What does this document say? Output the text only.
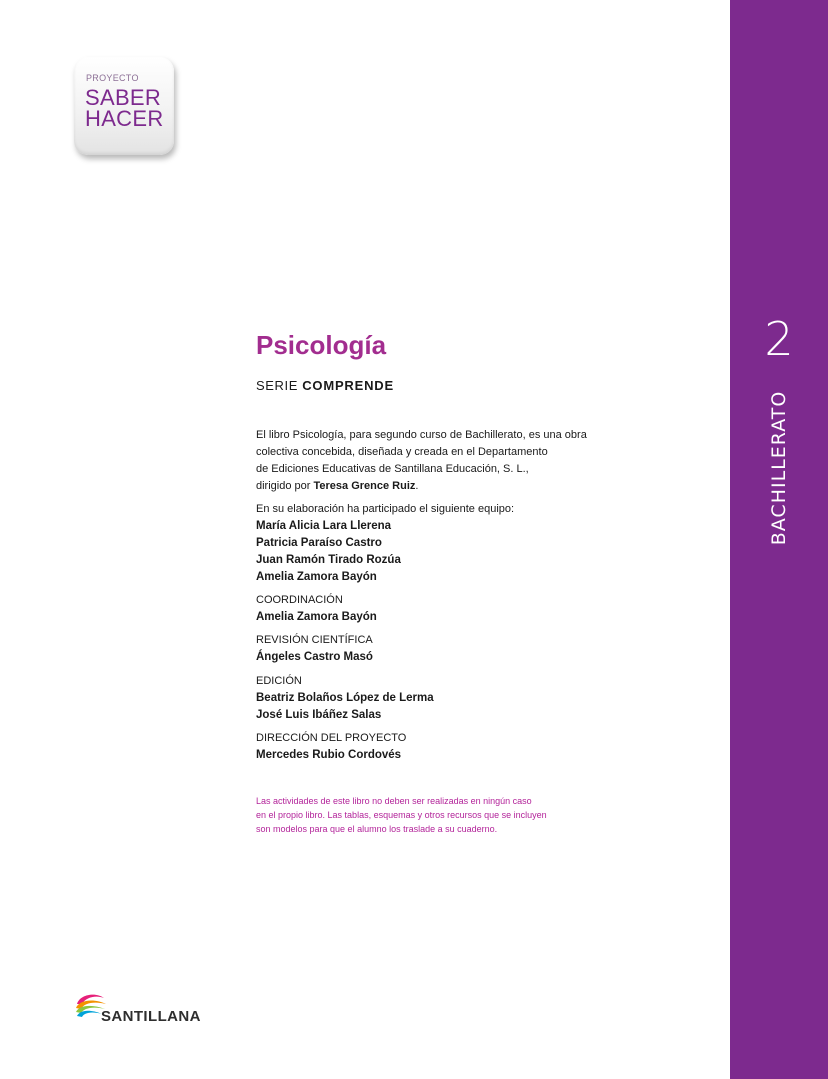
2
BACHILLERATO
PROYECTO
SABER
HACER
Psicología
SERIE COMPRENDE
El libro Psicología, para segundo curso de Bachillerato, es una obra
colectiva concebida, diseñada y creada en el Departamento
de Ediciones Educativas de Santillana Educación, S. L.,
dirigido por Teresa Grence Ruiz.
En su elaboración ha participado el siguiente equipo:
María Alicia Lara Llerena
Patricia Paraíso Castro
Juan Ramón Tirado Rozúa
Amelia Zamora Bayón
COORDINACIÓN
Amelia Zamora Bayón
REVISIÓN CIENTÍFICA
Ángeles Castro Masó
EDICIÓN
Beatriz Bolaños López de Lerma
José Luis Ibáñez Salas
DIRECCIÓN DEL PROYECTO
Mercedes Rubio Cordovés
Las actividades de este libro no deben ser realizadas en ningún caso
en el propio libro. Las tablas, esquemas y otros recursos que se incluyen
son modelos para que el alumno los traslade a su cuaderno.
SANTILLANA
